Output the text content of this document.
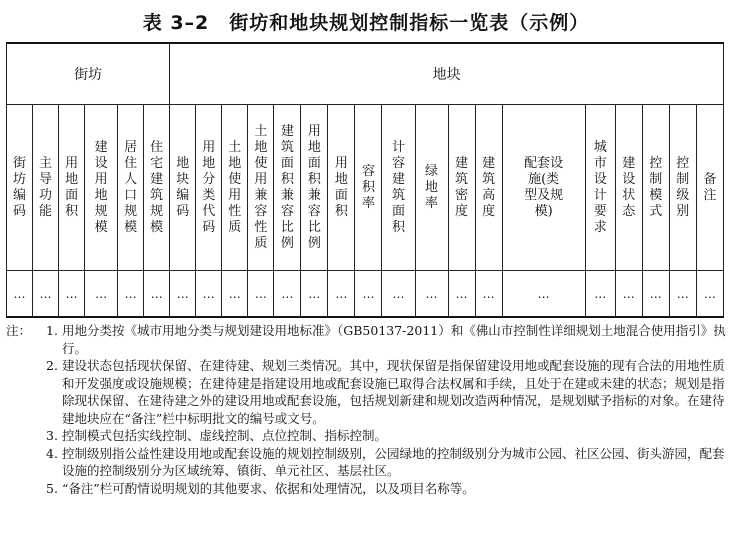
表 3–2　街坊和地块规划控制指标一览表（示例）
街坊						地块																	
街坊编码	主导功能	用地面积	建设用地规模	居住人口规模	住宅建筑规模	地块编码	用地分类代码	土地使用性质	土地使用兼容性质	建筑面积兼容比例	用地面积兼容比例	用地面积	容积率	计容建筑面积	绿地率	建筑密度	建筑高度	配套设施(类型及规模)	城市设计要求	建设状态	控制模式	控制级别	备注
…	…	…	…	…	…	…	…	…	…	…	…	…	…	…	…	…	…	…	…	…	…	…	…
注： 1. 用地分类按《城市用地分类与规划建设用地标准》（GB50137-2011）和《佛山市控制性详细规划土地混合使用指引》执行。
2. 建设状态包括现状保留、在建待建、规划三类情况。其中，现状保留是指保留建设用地或配套设施的现有合法的用地性质和开发强度或设施规模；在建待建是指建设用地或配套设施已取得合法权属和手续，且处于在建或未建的状态；规划是指除现状保留、在建待建之外的建设用地或配套设施，包括规划新建和规划改造两种情况，是规划赋予指标的对象。在建待建地块应在“备注”栏中标明批文的编号或文号。
3. 控制模式包括实线控制、虚线控制、点位控制、指标控制。
4. 控制级别指公益性建设用地或配套设施的规划控制级别，公园绿地的控制级别分为城市公园、社区公园、街头游园，配套设施的控制级别分为区域统筹、镇街、单元社区、基层社区。
5. “备注”栏可酌情说明规划的其他要求、依据和处理情况，以及项目名称等。
